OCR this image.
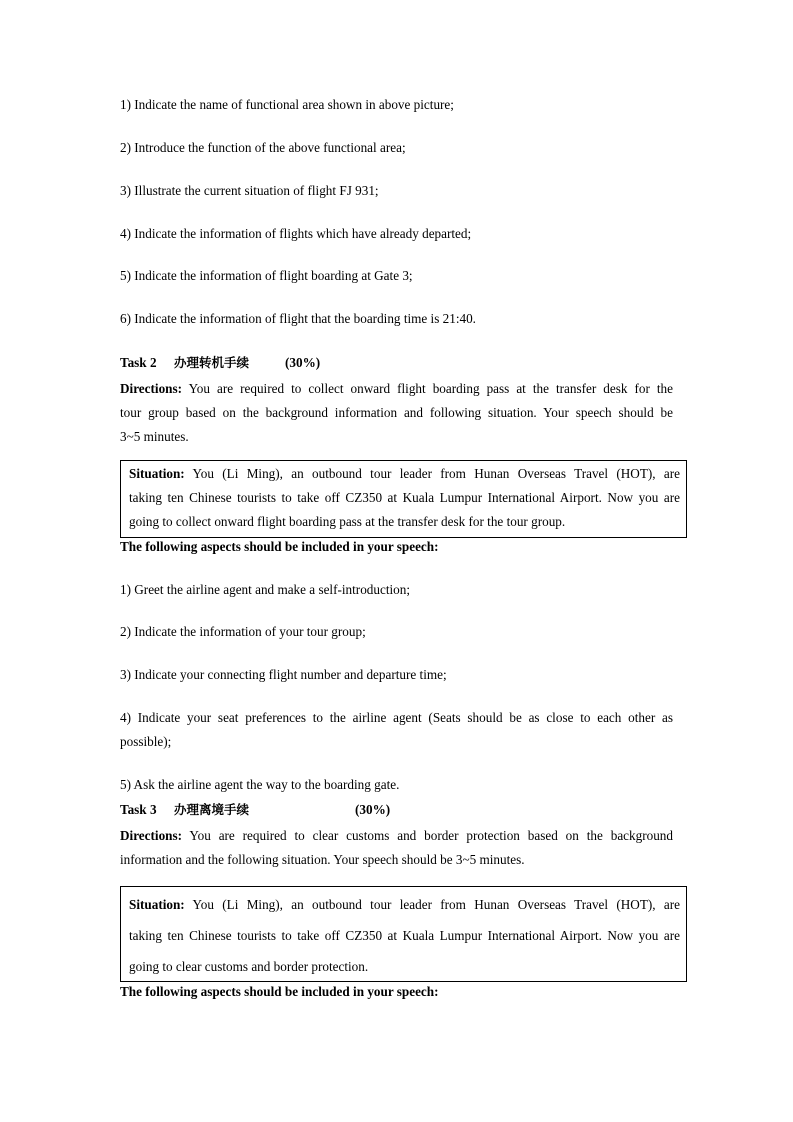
1) Indicate the name of functional area shown in above picture;
2) Introduce the function of the above functional area;
3) Illustrate the current situation of flight FJ 931;
4) Indicate the information of flights which have already departed;
5) Indicate the information of flight boarding at Gate 3;
6) Indicate the information of flight that the boarding time is 21:40.
Task 2 办理转机手续	(30%)
Directions: You are required to collect onward flight boarding pass at the transfer desk for the
tour group based on the background information and following situation. Your speech should be
3~5 minutes.
Situation: You (Li Ming), an outbound tour leader from Hunan Overseas Travel (HOT), are
taking ten Chinese tourists to take off CZ350 at Kuala Lumpur International Airport. Now you are
going to collect onward flight boarding pass at the transfer desk for the tour group.
The following aspects should be included in your speech:
1) Greet the airline agent and make a self-introduction;
2) Indicate the information of your tour group;
3) Indicate your connecting flight number and departure time;
4) Indicate your seat preferences to the airline agent (Seats should be as close to each other as
possible);
5) Ask the airline agent the way to the boarding gate.
Task 3 办理离境手续	(30%)
Directions: You are required to clear customs and border protection based on the background
information and the following situation. Your speech should be 3~5 minutes.
Situation: You (Li Ming), an outbound tour leader from Hunan Overseas Travel (HOT), are
taking ten Chinese tourists to take off CZ350 at Kuala Lumpur International Airport. Now you are
going to clear customs and border protection.
The following aspects should be included in your speech:
